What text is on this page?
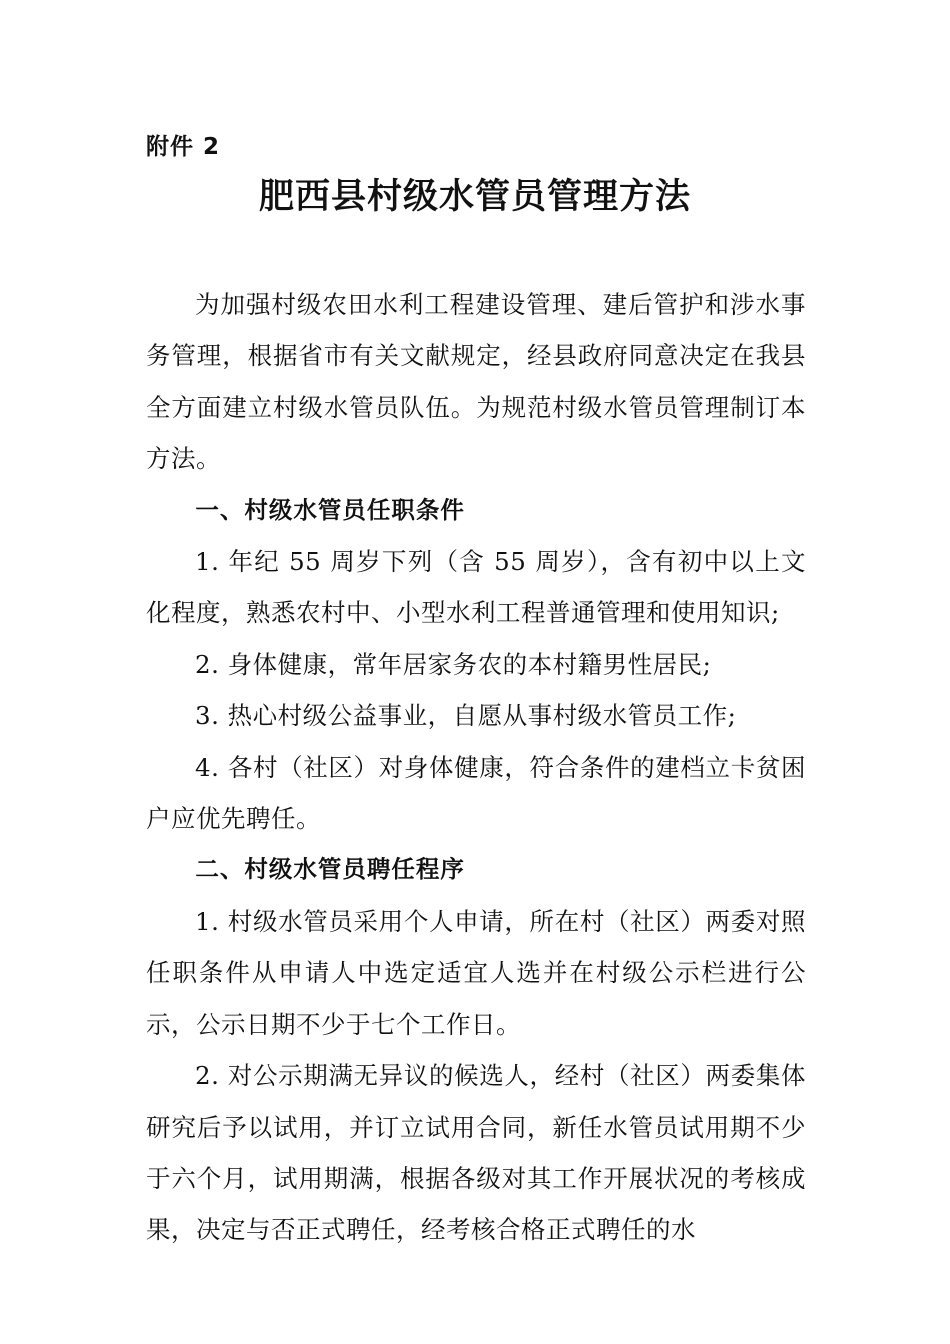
附件 2
肥西县村级水管员管理方法

为加强村级农田水利工程建设管理、建后管护和涉水事务管理，根据省市有关文献规定，经县政府同意决定在我县全方面建立村级水管员队伍。为规范村级水管员管理制订本方法。

一、村级水管员任职条件

1. 年纪 55 周岁下列（含 55 周岁），含有初中以上文化程度，熟悉农村中、小型水利工程普通管理和使用知识;

2. 身体健康，常年居家务农的本村籍男性居民;

3. 热心村级公益事业，自愿从事村级水管员工作;

4. 各村（社区）对身体健康，符合条件的建档立卡贫困户应优先聘任。

二、村级水管员聘任程序

1. 村级水管员采用个人申请，所在村（社区）两委对照任职条件从申请人中选定适宜人选并在村级公示栏进行公示，公示日期不少于七个工作日。

2. 对公示期满无异议的候选人，经村（社区）两委集体研究后予以试用，并订立试用合同，新任水管员试用期不少于六个月，试用期满，根据各级对其工作开展状况的考核成果，决定与否正式聘任，经考核合格正式聘任的水
